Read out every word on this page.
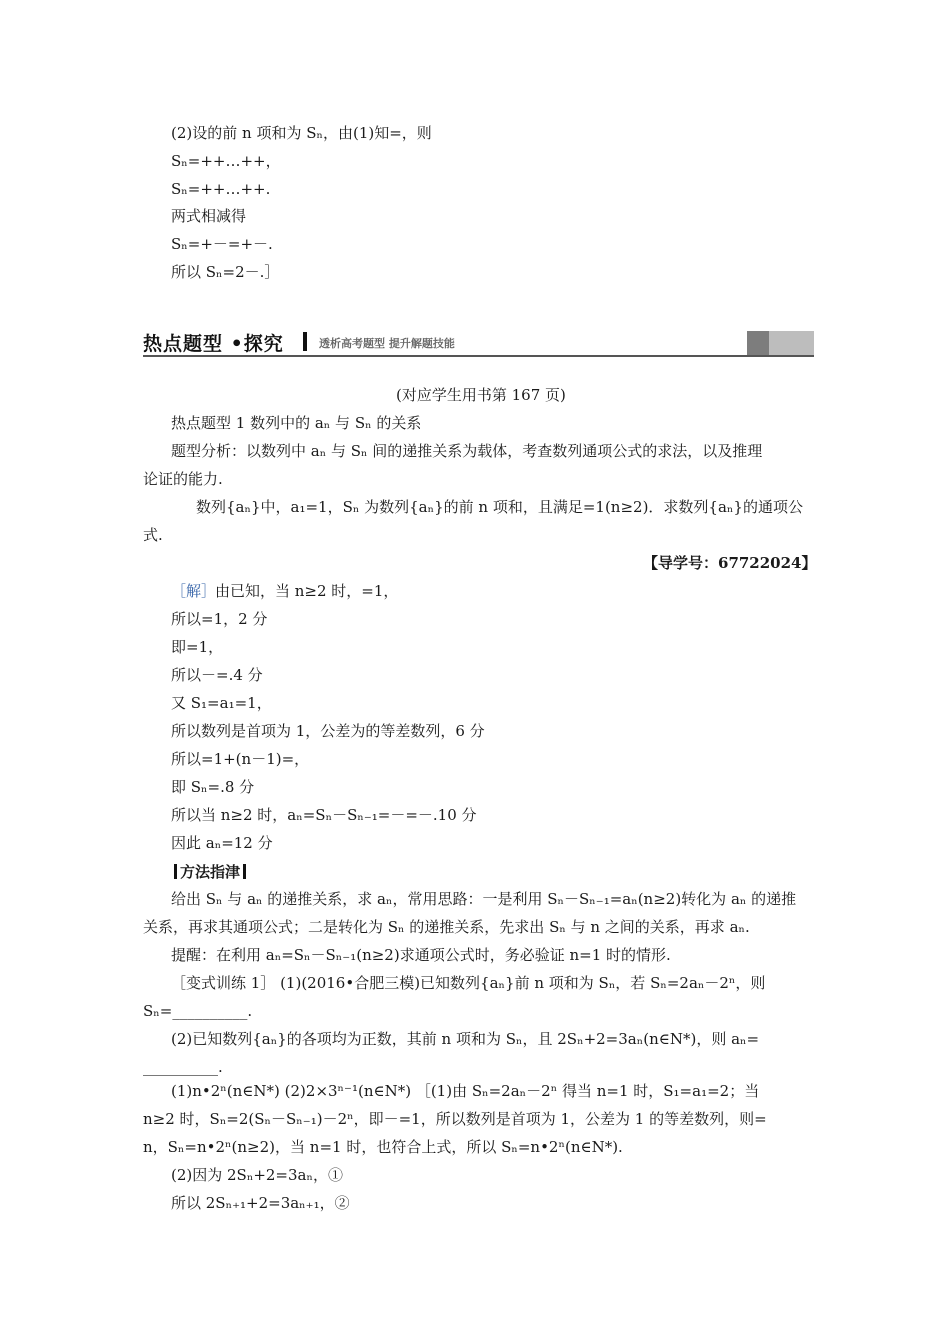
(2)设的前 n 项和为 Sₙ，由(1)知=，则
Sₙ=++…++，
Sₙ=++…++.
两式相减得
Sₙ=+－=+－.
所以 Sₙ=2－.］
热点题型 •探究	透析高考题型 提升解题技能
(对应学生用书第 167 页)
热点题型 1 数列中的 aₙ 与 Sₙ 的关系
题型分析：以数列中 aₙ 与 Sₙ 间的递推关系为载体，考查数列通项公式的求法，以及推理
论证的能力.
数列{aₙ}中，a₁=1，Sₙ 为数列{aₙ}的前 n 项和，且满足=1(n≥2)．求数列{aₙ}的通项公
式.
【导学号：67722024】
［解］
由已知，当 n≥2 时，=1，
所以=1，2 分
即=1，
所以－=.4 分
又 S₁=a₁=1，
所以数列是首项为 1，公差为的等差数列，6 分
所以=1+(n－1)=，
即 Sₙ=.8 分
所以当 n≥2 时，aₙ=Sₙ－Sₙ₋₁=－=－.10 分
因此 aₙ=12 分
方法指津
给出 Sₙ 与 aₙ 的递推关系，求 aₙ，常用思路：一是利用 Sₙ－Sₙ₋₁=aₙ(n≥2)转化为 aₙ 的递推
关系，再求其通项公式；二是转化为 Sₙ 的递推关系，先求出 Sₙ 与 n 之间的关系，再求 aₙ.
提醒：在利用 aₙ=Sₙ－Sₙ₋₁(n≥2)求通项公式时，务必验证 n=1 时的情形.
［变式训练 1］ (1)(2016•合肥三模)已知数列{aₙ}前 n 项和为 Sₙ，若 Sₙ=2aₙ－2ⁿ，则
Sₙ=__________.
(2)已知数列{aₙ}的各项均为正数，其前 n 项和为 Sₙ，且 2Sₙ+2=3aₙ(n∈N*)，则 aₙ=
__________.
(1)n•2ⁿ(n∈N*) (2)2×3ⁿ⁻¹(n∈N*) ［(1)由 Sₙ=2aₙ－2ⁿ 得当 n=1 时，S₁=a₁=2；当
n≥2 时，Sₙ=2(Sₙ－Sₙ₋₁)－2ⁿ，即－=1，所以数列是首项为 1，公差为 1 的等差数列，则=
n，Sₙ=n•2ⁿ(n≥2)，当 n=1 时，也符合上式，所以 Sₙ=n•2ⁿ(n∈N*).
(2)因为 2Sₙ+2=3aₙ，①
所以 2Sₙ₊₁+2=3aₙ₊₁，②
